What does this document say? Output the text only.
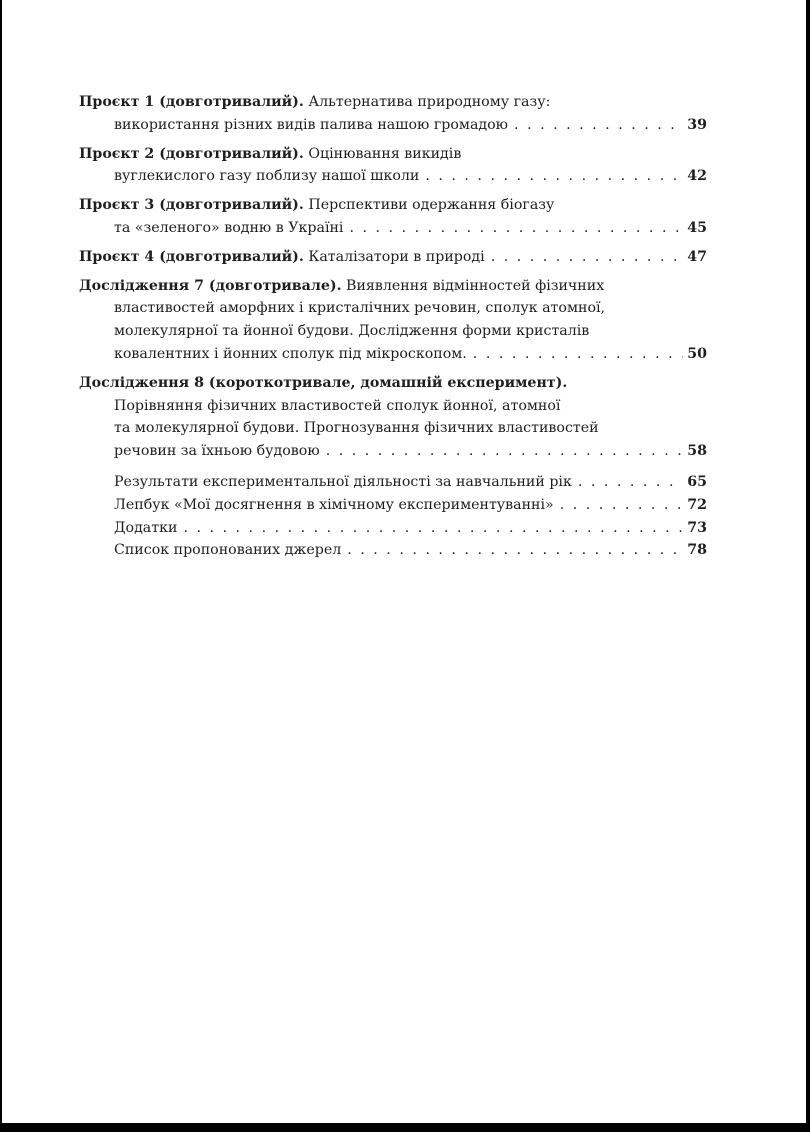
Проєкт 1 (довготривалий). Альтернатива природному газу:
використання різних видів палива нашою громадою . . .	39
Проєкт 2 (довготривалий). Оцінювання викидів
вуглекислого газу поблизу нашої школи . . .	42
Проєкт 3 (довготривалий). Перспективи одержання біогазу
та «зеленого» водню в Україні . . .	45
Проєкт 4 (довготривалий). Каталізатори в природі . . .	47
Дослідження 7 (довготривале). Виявлення відмінностей фізичних
властивостей аморфних і кристалічних речовин, сполук атомної,
молекулярної та йонної будови. Дослідження форми кристалів
ковалентних і йонних сполук під мікроскопом. . . .	50
Дослідження 8 (короткотривале, домашній експеримент).
Порівняння фізичних властивостей сполук йонної, атомної
та молекулярної будови. Прогнозування фізичних властивостей
речовин за їхньою будовою . . .	58
Результати експериментальної діяльності за навчальний рік . . .	65
Лепбук «Мої досягнення в хімічному експериментуванні» . . .	72
Додатки . . .	73
Список пропонованих джерел . . .	78
